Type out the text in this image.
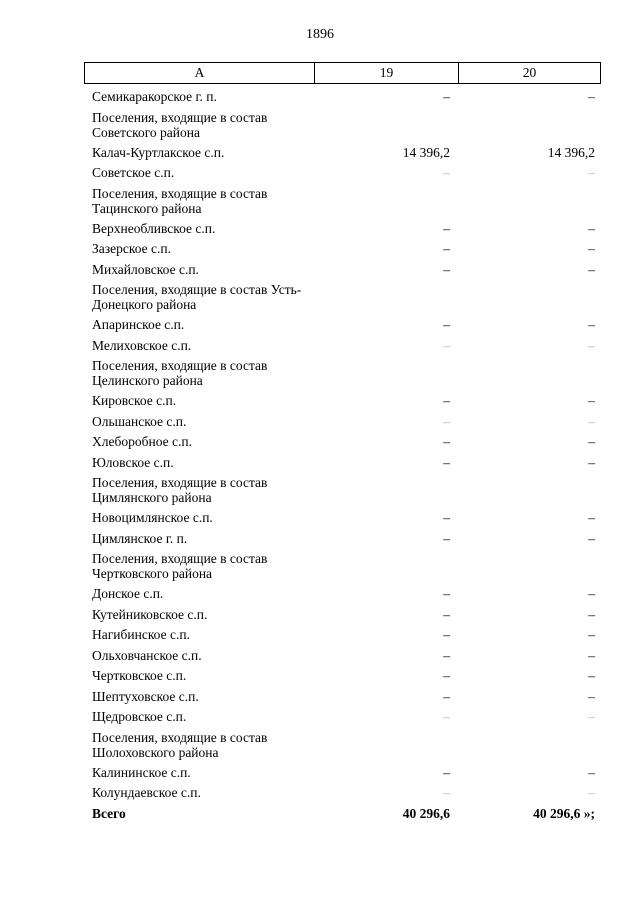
1896
А	19	20
Семикаракорское г. п.	–	–
Поселения, входящие в состав Советского района
Калач-Куртлакское с.п.	14 396,2	14 396,2
Советское с.п.	–	–
Поселения, входящие в состав Тацинского района
Верхнеобливское с.п.	–	–
Зазерское с.п.	–	–
Михайловское с.п.	–	–
Поселения, входящие в состав Усть-Донецкого района
Апаринское с.п.	–	–
Мелиховское с.п.	–	–
Поселения, входящие в состав Целинского района
Кировское с.п.	–	–
Ольшанское с.п.	–	–
Хлеборобное с.п.	–	–
Юловское с.п.	–	–
Поселения, входящие в состав Цимлянского района
Новоцимлянское с.п.	–	–
Цимлянское г. п.	–	–
Поселения, входящие в состав Чертковского района
Донское с.п.	–	–
Кутейниковское с.п.	–	–
Нагибинское с.п.	–	–
Ольховчанское с.п.	–	–
Чертковское с.п.	–	–
Шептуховское с.п.	–	–
Щедровское с.п.	–	–
Поселения, входящие в состав Шолоховского района
Калининское с.п.	–	–
Колундаевское с.п.	–	–
Всего	40 296,6	40 296,6 »;
